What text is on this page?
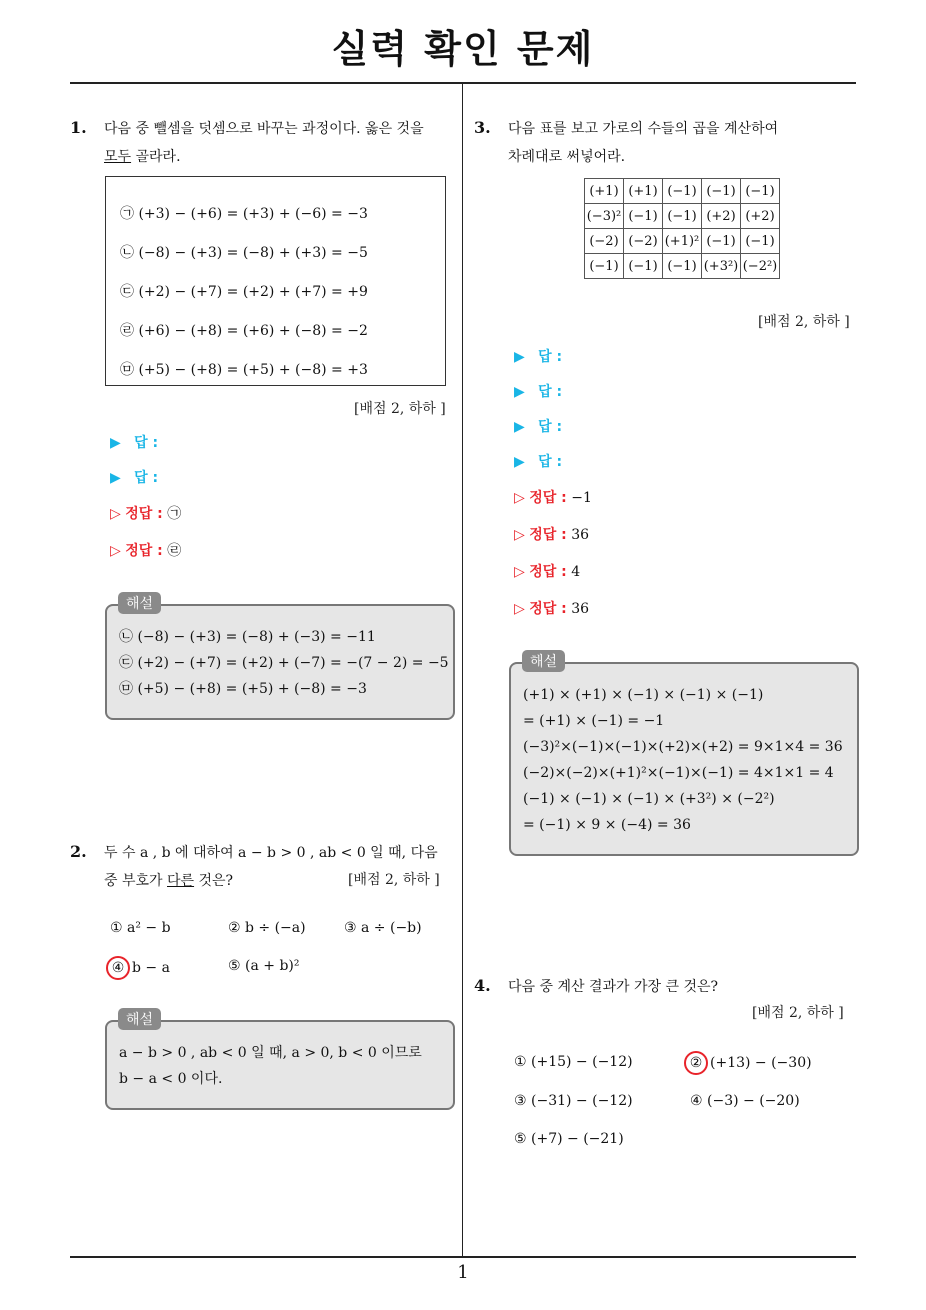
실력 확인 문제
1. 다음 중 뺄셈을 덧셈으로 바꾸는 과정이다. 옳은 것을
모두 골라라.
㉠ (+3) − (+6) = (+3) + (−6) = −3
㉡ (−8) − (+3) = (−8) + (+3) = −5
㉢ (+2) − (+7) = (+2) + (+7) = +9
㉣ (+6) − (+8) = (+6) + (−8) = −2
㉤ (+5) − (+8) = (+5) + (−8) = +3
[배점 2, 하하 ]
▶ 답 :
▶ 답 :
▷ 정답 : ㉠
▷ 정답 : ㉣
㉡ (−8) − (+3) = (−8) + (−3) = −11
㉢ (+2) − (+7) = (+2) + (−7) = −(7 − 2) = −5
㉤ (+5) − (+8) = (+5) + (−8) = −3
해설
2. 두 수 a , b 에 대하여 a − b > 0 , ab < 0 일 때, 다음
중 부호가 다른 것은?	[배점 2, 하하 ]
① a² − b	② b ÷ (−a)	③ a ÷ (−b)
④ b − a	⑤ (a + b)²
a − b > 0 , ab < 0 일 때, a > 0, b < 0 이므로
b − a < 0 이다.
해설
3. 다음 표를 보고 가로의 수들의 곱을 계산하여
차례대로 써넣어라.
(+1)	(+1)	(−1)	(−1)	(−1)
(−3)²	(−1)	(−1)	(+2)	(+2)
(−2)	(−2)	(+1)²	(−1)	(−1)
(−1)	(−1)	(−1)	(+3²)	(−2²)
[배점 2, 하하 ]
▶ 답 :
▶ 답 :
▶ 답 :
▶ 답 :
▷ 정답 : −1
▷ 정답 : 36
▷ 정답 : 4
▷ 정답 : 36
(+1) × (+1) × (−1) × (−1) × (−1)
= (+1) × (−1) = −1
(−3)²×(−1)×(−1)×(+2)×(+2) = 9×1×4 = 36
(−2)×(−2)×(+1)²×(−1)×(−1) = 4×1×1 = 4
(−1) × (−1) × (−1) × (+3²) × (−2²)
= (−1) × 9 × (−4) = 36
해설
4. 다음 중 계산 결과가 가장 큰 것은?
[배점 2, 하하 ]
① (+15) − (−12)	② (+13) − (−30)
③ (−31) − (−12)	④ (−3) − (−20)
⑤ (+7) − (−21)
1
